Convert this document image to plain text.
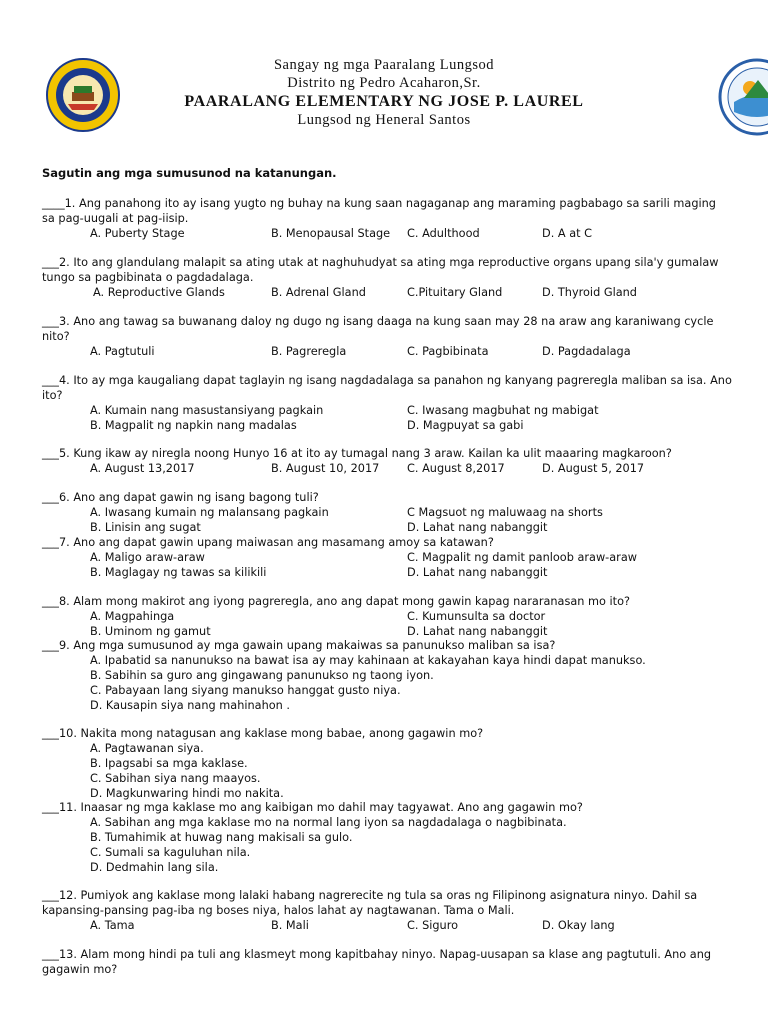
Sangay ng mga Paaralang Lungsod
Distrito ng Pedro Acaharon,Sr.
PAARALANG ELEMENTARY NG JOSE P. LAUREL
Lungsod ng Heneral Santos
Sagutin ang mga sumusunod na katanungan.
____1. Ang panahong ito ay isang yugto ng buhay na kung saan nagaganap ang maraming pagbabago sa sarili maging sa pag-uugali at pag-iisip.
A. Puberty Stage	B. Menopausal Stage C. Adulthood	D. A at C
___2. Ito ang glandulang malapit sa ating utak at naghuhudyat sa ating mga reproductive organs upang sila'y gumalaw tungo sa pagbibinata o pagdadalaga.
A. Reproductive Glands	B. Adrenal Gland	C.Pituitary Gland	D. Thyroid Gland
___3. Ano ang tawag sa buwanang daloy ng dugo ng isang daaga na kung saan may 28 na araw ang karaniwang cycle nito?
A. Pagtutuli	B. Pagreregla	C. Pagbibinata	D. Pagdadalaga
___4. Ito ay mga kaugaliang dapat taglayin ng isang nagdadalaga sa panahon ng kanyang pagreregla maliban sa isa. Ano ito?
A. Kumain nang masustansiyang pagkain	C. Iwasang magbuhat ng mabigat
B. Magpalit ng napkin nang madalas	D. Magpuyat sa gabi
___5. Kung ikaw ay niregla noong Hunyo 16 at ito ay tumagal nang 3 araw. Kailan ka ulit maaaring magkaroon?
A. August 13,2017	B. August 10, 2017 C. August 8,2017	D. August 5, 2017
___6. Ano ang dapat gawin ng isang bagong tuli?
A. Iwasang kumain ng malansang pagkain	C Magsuot ng maluwaag na shorts
B. Linisin ang sugat	D. Lahat nang nabanggit
___7. Ano ang dapat gawin upang maiwasan ang masamang amoy sa katawan?
A. Maligo araw-araw	C. Magpalit ng damit panloob araw-araw
B. Maglagay ng tawas sa kilikili	D. Lahat nang nabanggit
___8. Alam mong makirot ang iyong pagreregla, ano ang dapat mong gawin kapag nararanasan mo ito?
A. Magpahinga	C. Kumunsulta sa doctor
B. Uminom ng gamut	D. Lahat nang nabanggit
___9. Ang mga sumusunod ay mga gawain upang makaiwas sa panunukso maliban sa isa?
A. Ipabatid sa nanunukso na bawat isa ay may kahinaan at kakayahan kaya hindi dapat manukso.
B. Sabihin sa guro ang gingawang panunukso ng taong iyon.
C. Pabayaan lang siyang manukso hanggat gusto niya.
D. Kausapin siya nang mahinahon .
___10. Nakita mong natagusan ang kaklase mong babae, anong gagawin mo?
A. Pagtawanan siya.
B. Ipagsabi sa mga kaklase.
C. Sabihan siya nang maayos.
D. Magkunwaring hindi mo nakita.
___11. Inaasar ng mga kaklase mo ang kaibigan mo dahil may tagyawat. Ano ang gagawin mo?
A. Sabihan ang mga kaklase mo na normal lang iyon sa nagdadalaga o nagbibinata.
B. Tumahimik at huwag nang makisali sa gulo.
C. Sumali sa kaguluhan nila.
D. Dedmahin lang sila.
___12. Pumiyok ang kaklase mong lalaki habang nagrerecite ng tula sa oras ng Filipinong asignatura ninyo. Dahil sa kapansing-pansing pag-iba ng boses niya, halos lahat ay nagtawanan. Tama o Mali.
A. Tama	B. Mali	C. Siguro	D. Okay lang
___13. Alam mong hindi pa tuli ang klasmeyt mong kapitbahay ninyo. Napag-uusapan sa klase ang pagtutuli. Ano ang gagawin mo?
